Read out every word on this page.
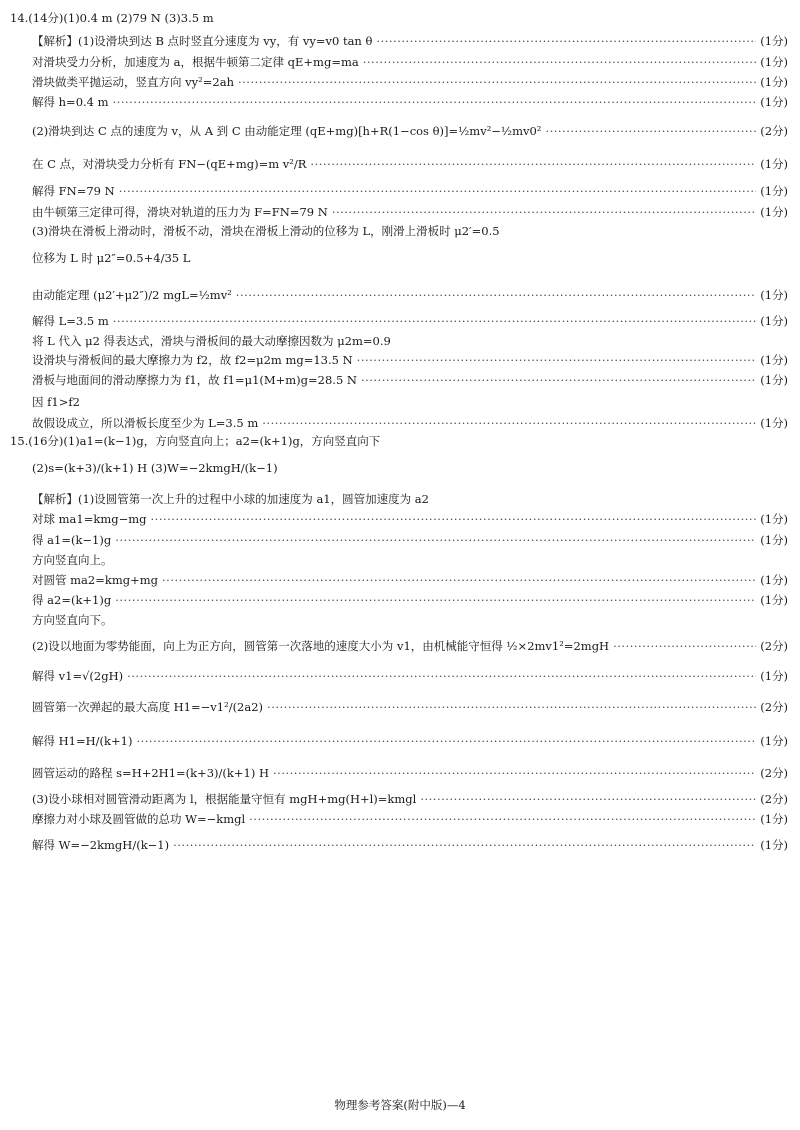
14.(14分)(1)0.4 m (2)79 N (3)3.5 m
【解析】(1)设滑块到达 B 点时竖直分速度为 vy，有 vy=v0 tan θ ·····	(1分)
对滑块受力分析，加速度为 a，根据牛顿第二定律 qE+mg=ma ·····	(1分)
滑块做类平抛运动，竖直方向 vy²=2ah ·····	(1分)
解得 h=0.4 m ·····	(1分)
(2)滑块到达 C 点的速度为 v，从 A 到 C 由动能定理 (qE+mg)[h+R(1−cos θ)]=½mv²−½mv0² ·····	(2分)
在 C 点，对滑块受力分析有 FN−(qE+mg)=m v²/R ·····	(1分)
解得 FN=79 N ·····	(1分)
由牛顿第三定律可得，滑块对轨道的压力为 F=FN=79 N ·····	(1分)
(3)滑块在滑板上滑动时，滑板不动，滑块在滑板上滑动的位移为 L，刚滑上滑板时 μ2′=0.5
位移为 L 时 μ2″=0.5+4/35 L
由动能定理 (μ2′+μ2″)/2 mgL=½mv² ·····	(1分)
解得 L=3.5 m ·····	(1分)
将 L 代入 μ2 得表达式，滑块与滑板间的最大动摩擦因数为 μ2m=0.9
设滑块与滑板间的最大摩擦力为 f2，故 f2=μ2m mg=13.5 N ·····	(1分)
滑板与地面间的滑动摩擦力为 f1，故 f1=μ1(M+m)g=28.5 N ·····	(1分)
因 f1>f2
故假设成立，所以滑板长度至少为 L=3.5 m ·····	(1分)
15.(16分)(1)a1=(k−1)g，方向竖直向上；a2=(k+1)g，方向竖直向下
(2)s=(k+3)/(k+1) H (3)W=−2kmgH/(k−1)
【解析】(1)设圆管第一次上升的过程中小球的加速度为 a1，圆管加速度为 a2
对球 ma1=kmg−mg ·····	(1分)
得 a1=(k−1)g ·····	(1分)
方向竖直向上。
对圆管 ma2=kmg+mg ·····	(1分)
得 a2=(k+1)g ·····	(1分)
方向竖直向下。
(2)设以地面为零势能面，向上为正方向，圆管第一次落地的速度大小为 v1，由机械能守恒得 ½×2mv1²=2mgH ·····	(2分)
解得 v1=√(2gH) ·····	(1分)
圆管第一次弹起的最大高度 H1=−v1²/(2a2) ·····	(2分)
解得 H1=H/(k+1) ·····	(1分)
圆管运动的路程 s=H+2H1=(k+3)/(k+1) H ·····	(2分)
(3)设小球相对圆管滑动距离为 l，根据能量守恒有 mgH+mg(H+l)=kmgl ·····	(2分)
摩擦力对小球及圆管做的总功 W=−kmgl ·····	(1分)
解得 W=−2kmgH/(k−1) ·····	(1分)
物理参考答案(附中版)—4
